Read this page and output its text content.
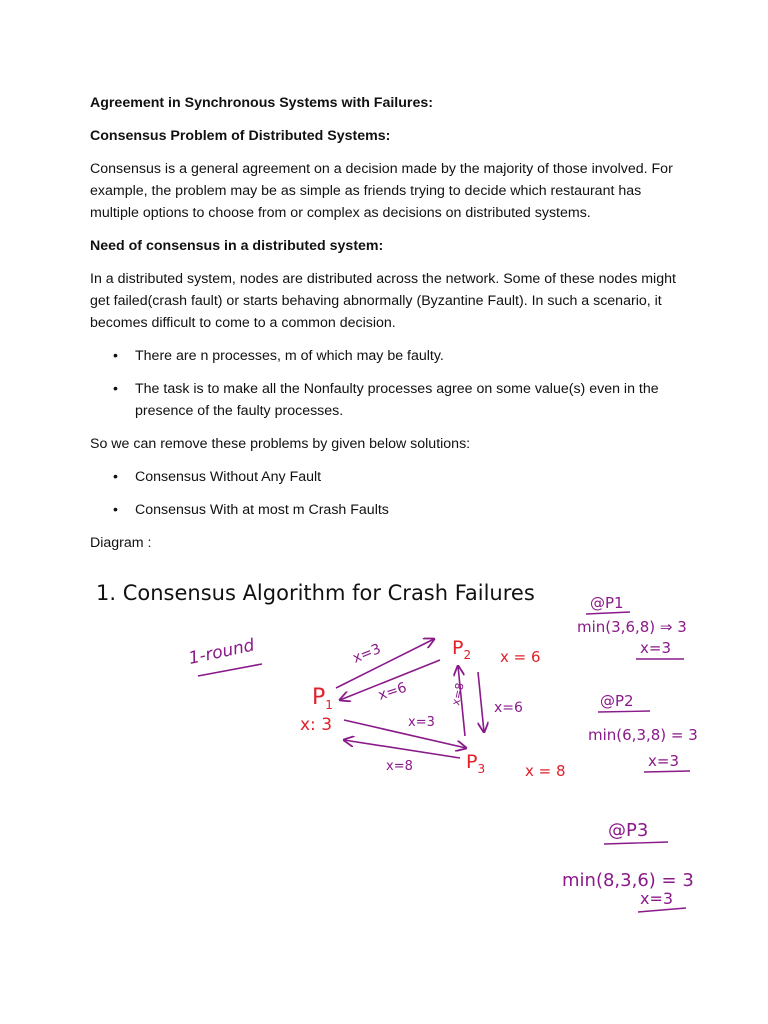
Agreement in Synchronous Systems with Failures:
Consensus Problem of Distributed Systems:

Consensus is a general agreement on a decision made by the majority of those involved. For example, the problem may be as simple as friends trying to decide which restaurant has multiple options to choose from or complex as decisions on distributed systems.

Need of consensus in a distributed system:

In a distributed system, nodes are distributed across the network. Some of these nodes might get failed(crash fault) or starts behaving abnormally (Byzantine Fault). In such a scenario, it becomes difficult to come to a common decision.

• There are n processes, m of which may be faulty.
• The task is to make all the Nonfaulty processes agree on some value(s) even in the presence of the faulty processes.

So we can remove these problems by given below solutions:

• Consensus Without Any Fault
• Consensus With at most m Crash Faults

Diagram :

1. Consensus Algorithm for Crash Failures
1-round
$P_1$
x: 3
$P_2$ x = 6
$P_3$	x = 8
x=3
x=6
x=3
x=8
x=8
x=6
@P1
min(3,6,8) ⇒ 3
x=3
@P2
min(6,3,8) = 3
x=3
@P3
min(8,3,6) = 3
x=3
